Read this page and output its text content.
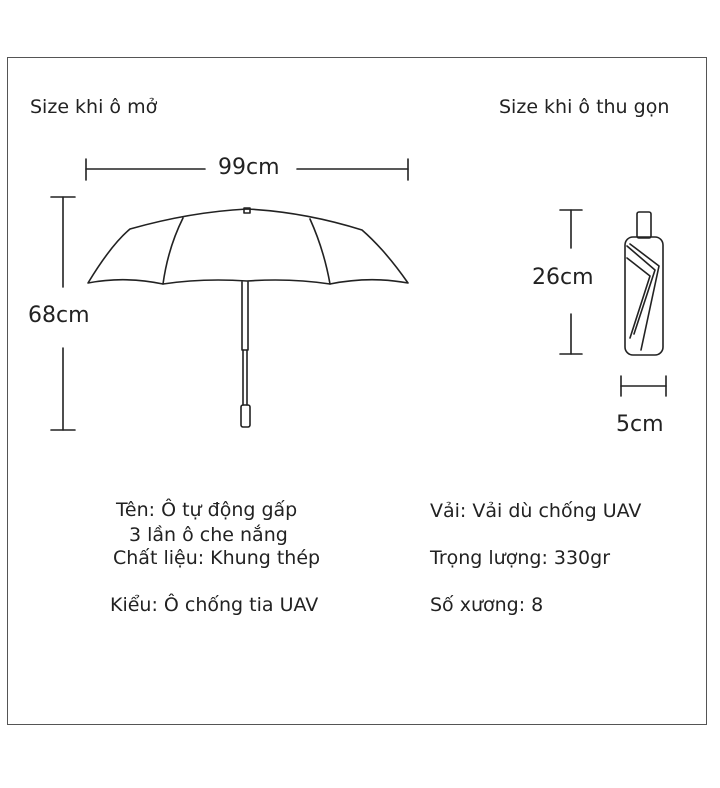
Size khi ô mở	Size khi ô thu gọn
99cm
68cm
26cm
5cm
Tên: Ô tự động gấp
3 lần ô che nắng
Chất liệu: Khung thép
Kiểu: Ô chống tia UAV
Vải: Vải dù chống UAV
Trọng lượng: 330gr
Số xương: 8
